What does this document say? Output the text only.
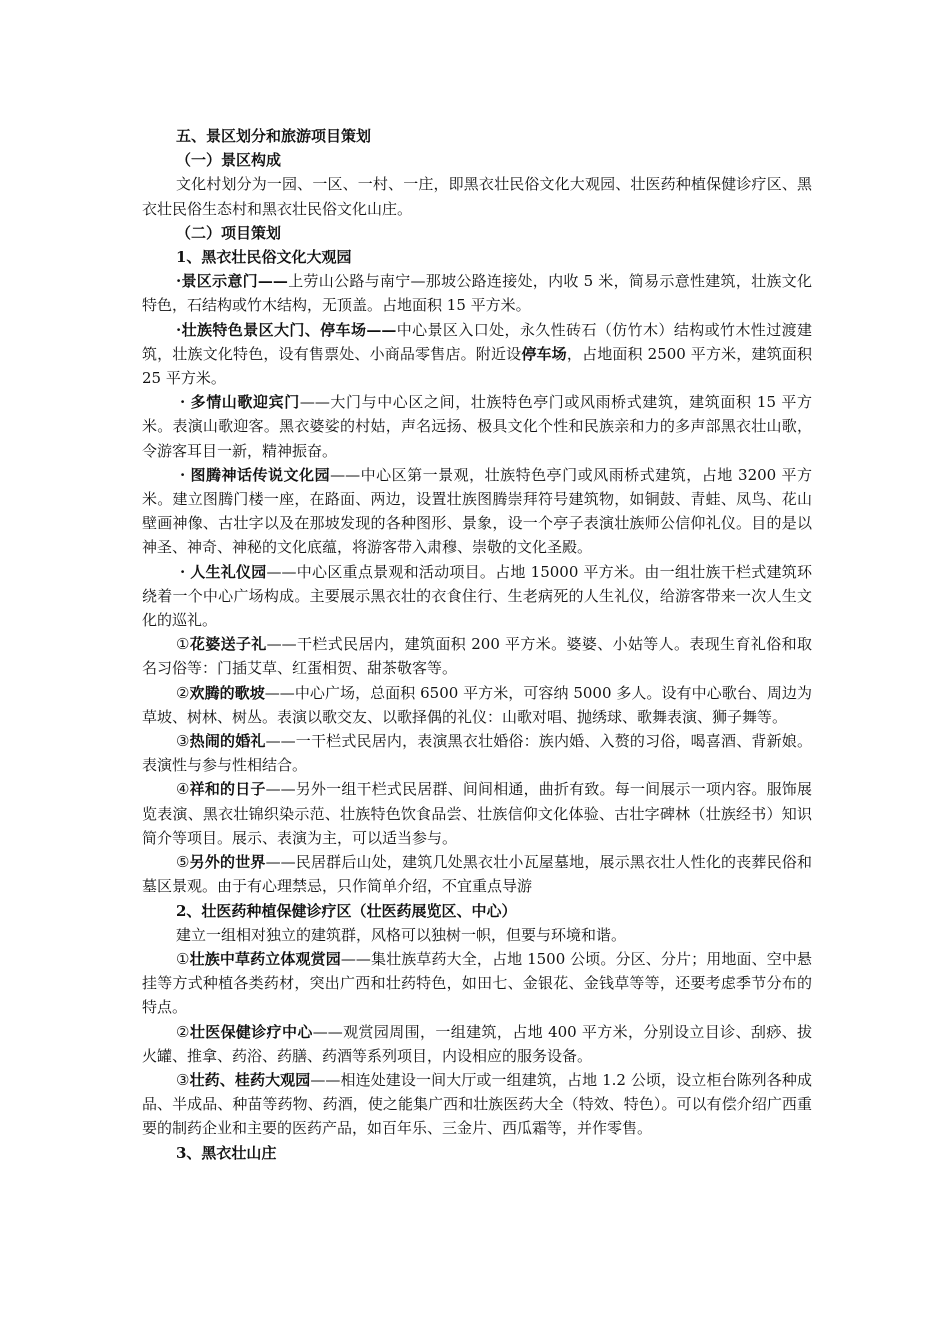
五、景区划分和旅游项目策划

（一）景区构成

文化村划分为一园、一区、一村、一庄，即黑衣壮民俗文化大观园、壮医药种植保健诊疗区、黑衣壮民俗生态村和黑衣壮民俗文化山庄。

（二）项目策划

1、黑衣壮民俗文化大观园

·景区示意门——上劳山公路与南宁—那坡公路连接处，内收 5 米，简易示意性建筑，壮族文化特色，石结构或竹木结构，无顶盖。占地面积 15 平方米。

·壮族特色景区大门、停车场——中心景区入口处，永久性砖石（仿竹木）结构或竹木性过渡建筑，壮族文化特色，设有售票处、小商品零售店。附近设停车场，占地面积 2500 平方米，建筑面积 25 平方米。

· 多情山歌迎宾门——大门与中心区之间，壮族特色亭门或风雨桥式建筑，建筑面积 15 平方米。表演山歌迎客。黑衣婆娑的村姑，声名远扬、极具文化个性和民族亲和力的多声部黑衣壮山歌，令游客耳目一新，精神振奋。

· 图腾神话传说文化园——中心区第一景观，壮族特色亭门或风雨桥式建筑，占地 3200 平方米。建立图腾门楼一座，在路面、两边，设置壮族图腾崇拜符号建筑物，如铜鼓、青蛙、凤鸟、花山壁画神像、古壮字以及在那坡发现的各种图形、景象，设一个亭子表演壮族师公信仰礼仪。目的是以神圣、神奇、神秘的文化底蕴，将游客带入肃穆、崇敬的文化圣殿。

· 人生礼仪园——中心区重点景观和活动项目。占地 15000 平方米。由一组壮族干栏式建筑环绕着一个中心广场构成。主要展示黑衣壮的衣食住行、生老病死的人生礼仪，给游客带来一次人生文化的巡礼。

①花婆送子礼——干栏式民居内，建筑面积 200 平方米。婆婆、小姑等人。表现生育礼俗和取名习俗等：门插艾草、红蛋相贺、甜茶敬客等。

②欢腾的歌坡——中心广场，总面积 6500 平方米，可容纳 5000 多人。设有中心歌台、周边为草坡、树林、树丛。表演以歌交友、以歌择偶的礼仪：山歌对唱、抛绣球、歌舞表演、狮子舞等。

③热闹的婚礼——一干栏式民居内，表演黑衣壮婚俗：族内婚、入赘的习俗，喝喜酒、背新娘。表演性与参与性相结合。

④祥和的日子——另外一组干栏式民居群、间间相通，曲折有致。每一间展示一项内容。服饰展览表演、黑衣壮锦织染示范、壮族特色饮食品尝、壮族信仰文化体验、古壮字碑林（壮族经书）知识简介等项目。展示、表演为主，可以适当参与。

⑤另外的世界——民居群后山处，建筑几处黑衣壮小瓦屋墓地，展示黑衣壮人性化的丧葬民俗和墓区景观。由于有心理禁忌，只作简单介绍，不宜重点导游

2、壮医药种植保健诊疗区（壮医药展览区、中心）

建立一组相对独立的建筑群，风格可以独树一帜，但要与环境和谐。

①壮族中草药立体观赏园——集壮族草药大全，占地 1500 公顷。分区、分片；用地面、空中悬挂等方式种植各类药材，突出广西和壮药特色，如田七、金银花、金钱草等等，还要考虑季节分布的特点。

②壮医保健诊疗中心——观赏园周围，一组建筑，占地 400 平方米，分别设立目诊、刮痧、拔火罐、推拿、药浴、药膳、药酒等系列项目，内设相应的服务设备。

③壮药、桂药大观园——相连处建设一间大厅或一组建筑，占地 1.2 公顷，设立柜台陈列各种成品、半成品、种苗等药物、药酒，使之能集广西和壮族医药大全（特效、特色）。可以有偿介绍广西重要的制药企业和主要的医药产品，如百年乐、三金片、西瓜霜等，并作零售。

3、黑衣壮山庄
